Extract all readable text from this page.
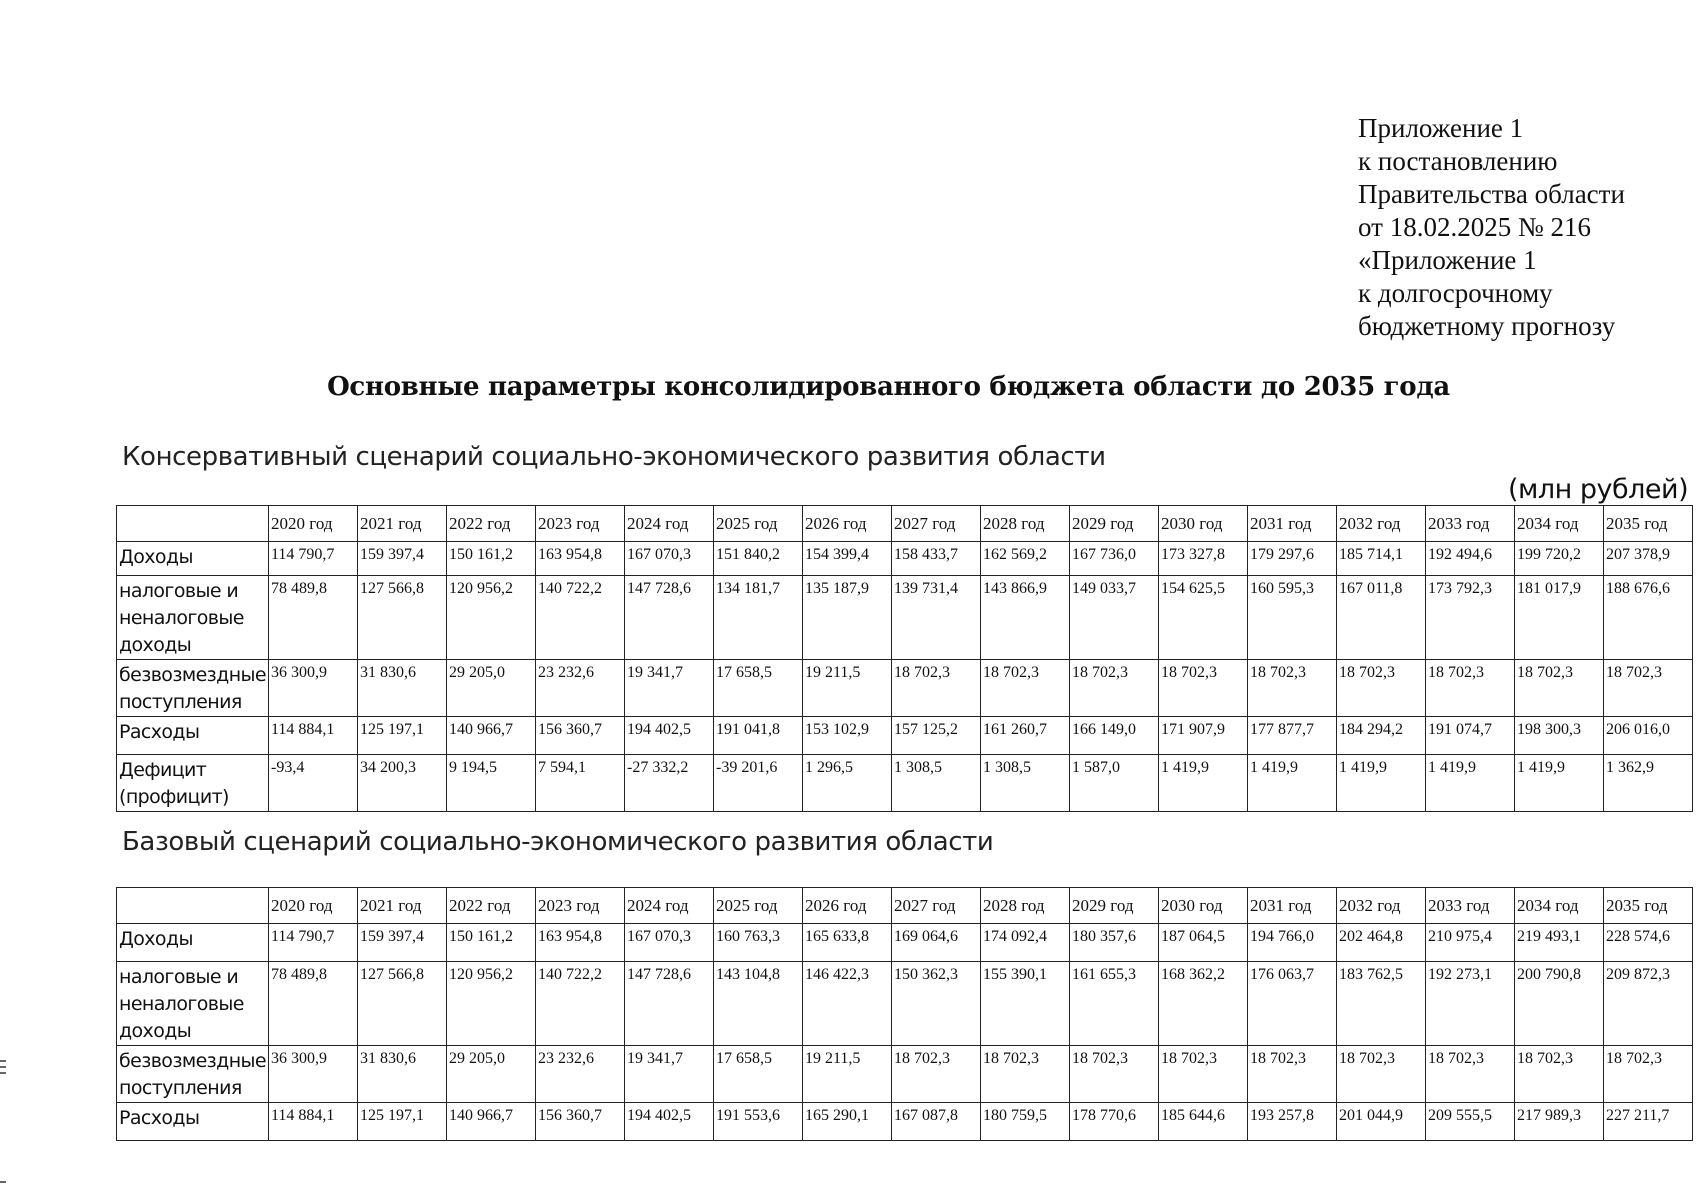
Приложение 1
к постановлению
Правительства области
от 18.02.2025 № 216
«Приложение 1
к долгосрочному
бюджетному прогнозу
Основные параметры консолидированного бюджета области до 2035 года
Консервативный сценарий социально-экономического развития области
(млн рублей)
	2020 год	2021 год	2022 год	2023 год	2024 год	2025 год	2026 год	2027 год	2028 год	2029 год	2030 год	2031 год	2032 год	2033 год	2034 год	2035 год
Доходы	114 790,7	159 397,4	150 161,2	163 954,8	167 070,3	151 840,2	154 399,4	158 433,7	162 569,2	167 736,0	173 327,8	179 297,6	185 714,1	192 494,6	199 720,2	207 378,9
налоговые и неналоговые доходы	78 489,8	127 566,8	120 956,2	140 722,2	147 728,6	134 181,7	135 187,9	139 731,4	143 866,9	149 033,7	154 625,5	160 595,3	167 011,8	173 792,3	181 017,9	188 676,6
безвозмездные поступления	36 300,9	31 830,6	29 205,0	23 232,6	19 341,7	17 658,5	19 211,5	18 702,3	18 702,3	18 702,3	18 702,3	18 702,3	18 702,3	18 702,3	18 702,3	18 702,3
Расходы	114 884,1	125 197,1	140 966,7	156 360,7	194 402,5	191 041,8	153 102,9	157 125,2	161 260,7	166 149,0	171 907,9	177 877,7	184 294,2	191 074,7	198 300,3	206 016,0
Дефицит (профицит)	-93,4	34 200,3	9 194,5	7 594,1	-27 332,2	-39 201,6	1 296,5	1 308,5	1 308,5	1 587,0	1 419,9	1 419,9	1 419,9	1 419,9	1 419,9	1 362,9
Базовый сценарий социально-экономического развития области
	2020 год	2021 год	2022 год	2023 год	2024 год	2025 год	2026 год	2027 год	2028 год	2029 год	2030 год	2031 год	2032 год	2033 год	2034 год	2035 год
Доходы	114 790,7	159 397,4	150 161,2	163 954,8	167 070,3	160 763,3	165 633,8	169 064,6	174 092,4	180 357,6	187 064,5	194 766,0	202 464,8	210 975,4	219 493,1	228 574,6
налоговые и неналоговые доходы	78 489,8	127 566,8	120 956,2	140 722,2	147 728,6	143 104,8	146 422,3	150 362,3	155 390,1	161 655,3	168 362,2	176 063,7	183 762,5	192 273,1	200 790,8	209 872,3
безвозмездные поступления	36 300,9	31 830,6	29 205,0	23 232,6	19 341,7	17 658,5	19 211,5	18 702,3	18 702,3	18 702,3	18 702,3	18 702,3	18 702,3	18 702,3	18 702,3	18 702,3
Расходы	114 884,1	125 197,1	140 966,7	156 360,7	194 402,5	191 553,6	165 290,1	167 087,8	180 759,5	178 770,6	185 644,6	193 257,8	201 044,9	209 555,5	217 989,3	227 211,7
